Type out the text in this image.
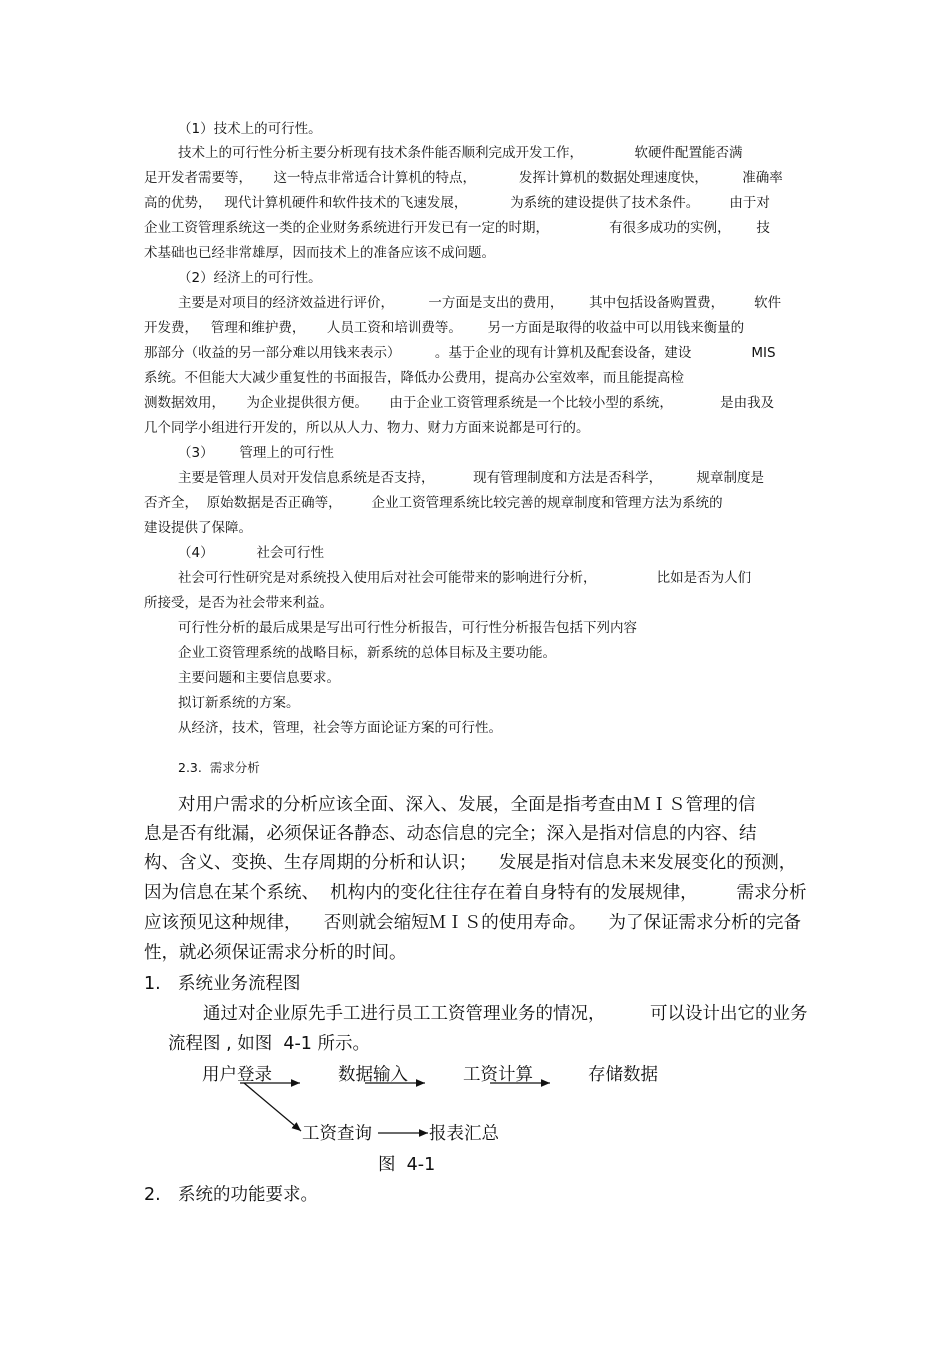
（1）技术上的可行性。
技术上的可行性分析主要分析现有技术条件能否顺利完成开发工作，            软硬件配置能否满
足开发者需要等，     这一特点非常适合计算机的特点，          发挥计算机的数据处理速度快，        准确率
高的优势，   现代计算机硬件和软件技术的飞速发展，          为系统的建设提供了技术条件。       由于对
企业工资管理系统这一类的企业财务系统进行开发已有一定的时期，              有很多成功的实例，      技
术基础也已经非常雄厚，因而技术上的准备应该不成问题。
（2）经济上的可行性。
主要是对项目的经济效益进行评价，        一方面是支出的费用，      其中包括设备购置费，       软件
开发费，   管理和维护费，     人员工资和培训费等。      另一方面是取得的收益中可以用钱来衡量的
那部分（收益的另一部分难以用钱来表示）        。基于企业的现有计算机及配套设备，建设              MIS
系统。不但能大大减少重复性的书面报告，降低办公费用，提高办公室效率，而且能提高检
测数据效用，     为企业提供很方便。     由于企业工资管理系统是一个比较小型的系统，           是由我及
几个同学小组进行开发的，所以从人力、物力、财力方面来说都是可行的。
（3）      管理上的可行性
主要是管理人员对开发信息系统是否支持，         现有管理制度和方法是否科学，        规章制度是
否齐全，  原始数据是否正确等，       企业工资管理系统比较完善的规章制度和管理方法为系统的
建设提供了保障。
（4）          社会可行性
社会可行性研究是对系统投入使用后对社会可能带来的影响进行分析，              比如是否为人们
所接受，是否为社会带来利益。
可行性分析的最后成果是写出可行性分析报告，可行性分析报告包括下列内容
企业工资管理系统的战略目标，新系统的总体目标及主要功能。
主要问题和主要信息要求。
拟订新系统的方案。
从经济，技术，管理，社会等方面论证方案的可行性。
2.3.  需求分析
对用户需求的分析应该全面、深入、发展，全面是指考查由ＭＩＳ管理的信
息是否有纰漏，必须保证各静态、动态信息的完全；深入是指对信息的内容、结
构、含义、变换、生存周期的分析和认识；    发展是指对信息未来发展变化的预测，
因为信息在某个系统、  机构内的变化往往存在着自身特有的发展规律，       需求分析
应该预见这种规律，    否则就会缩短ＭＩＳ的使用寿命。    为了保证需求分析的完备
性，就必须保证需求分析的时间。
1. 系统业务流程图
通过对企业原先手工进行员工工资管理业务的情况，        可以设计出它的业务
流程图 , 如图  4-1 所示。
用户登录	数据输入	工资计算	存储数据
工资查询	报表汇总
图  4-1
2. 系统的功能要求。
